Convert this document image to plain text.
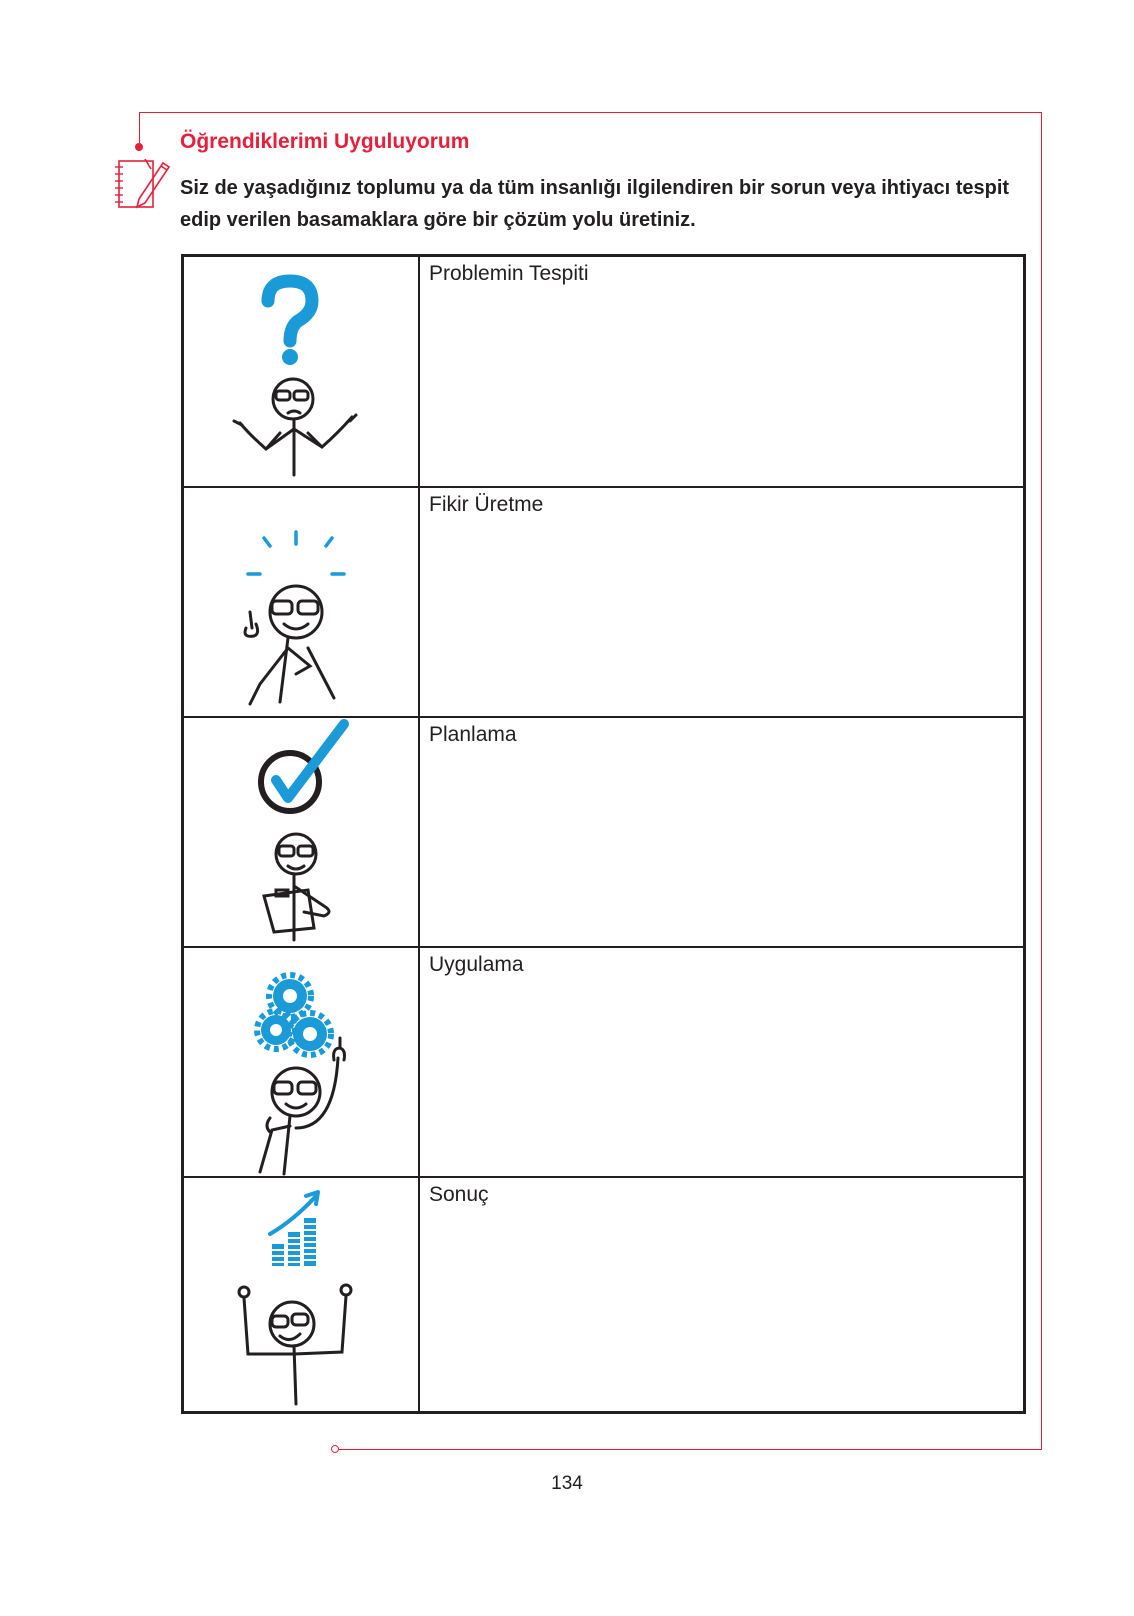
Öğrendiklerimi Uyguluyorum
Siz de yaşadığınız toplumu ya da tüm insanlığı ilgilendiren bir sorun veya ihtiyacı tespit edip verilen basamaklara göre bir çözüm yolu üretiniz.
Problemin Tespiti
Fikir Üretme
Planlama
Uygulama
Sonuç
134
